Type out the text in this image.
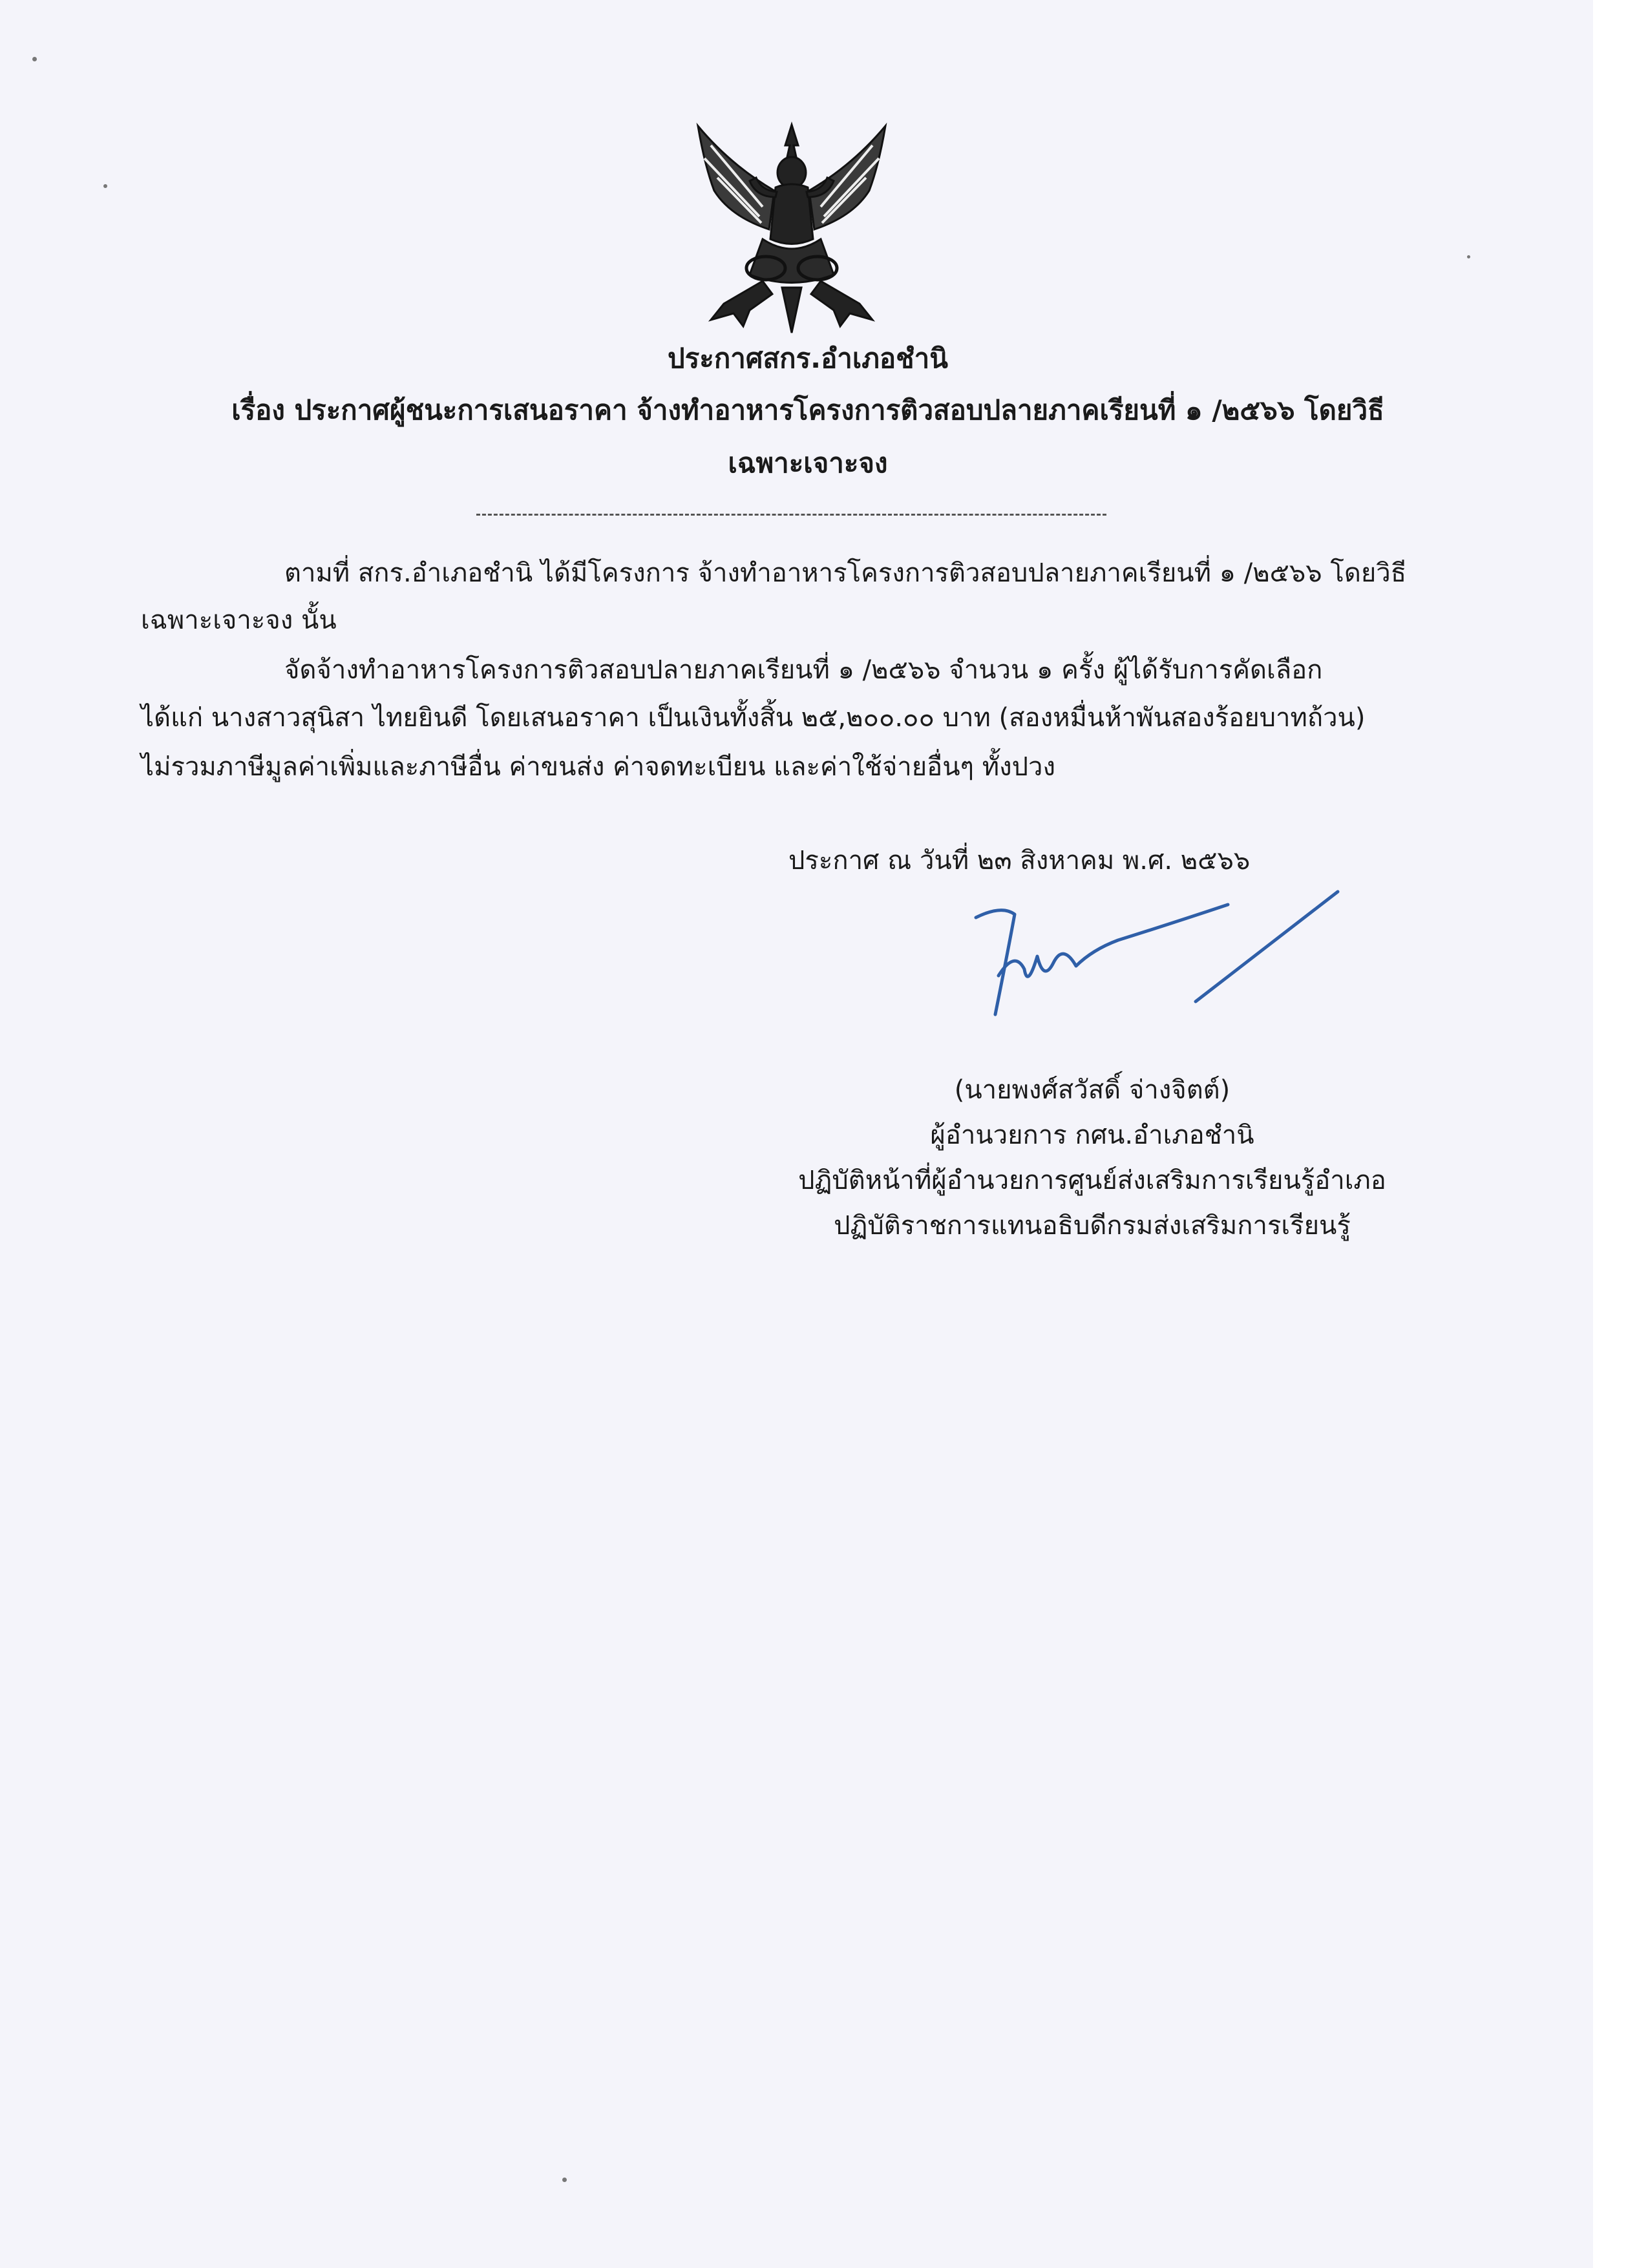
ประกาศสกร.อำเภอชำนิ
เรื่อง ประกาศผู้ชนะการเสนอราคา จ้างทำอาหารโครงการติวสอบปลายภาคเรียนที่ ๑ /๒๕๖๖ โดยวิธี
เฉพาะเจาะจง
ตามที่ สกร.อำเภอชำนิ ได้มีโครงการ จ้างทำอาหารโครงการติวสอบปลายภาคเรียนที่ ๑ /๒๕๖๖ โดยวิธี
เฉพาะเจาะจง นั้น
จัดจ้างทำอาหารโครงการติวสอบปลายภาคเรียนที่ ๑ /๒๕๖๖ จำนวน ๑ ครั้ง ผู้ได้รับการคัดเลือก
ได้แก่ นางสาวสุนิสา ไทยยินดี โดยเสนอราคา เป็นเงินทั้งสิ้น ๒๕,๒๐๐.๐๐ บาท (สองหมื่นห้าพันสองร้อยบาทถ้วน)
ไม่รวมภาษีมูลค่าเพิ่มและภาษีอื่น ค่าขนส่ง ค่าจดทะเบียน และค่าใช้จ่ายอื่นๆ ทั้งปวง
ประกาศ ณ วันที่ ๒๓ สิงหาคม พ.ศ. ๒๕๖๖
(นายพงศ์สวัสดิ์ จ่างจิตต์)
ผู้อำนวยการ กศน.อำเภอชำนิ
ปฏิบัติหน้าที่ผู้อำนวยการศูนย์ส่งเสริมการเรียนรู้อำเภอ
ปฏิบัติราชการแทนอธิบดีกรมส่งเสริมการเรียนรู้
